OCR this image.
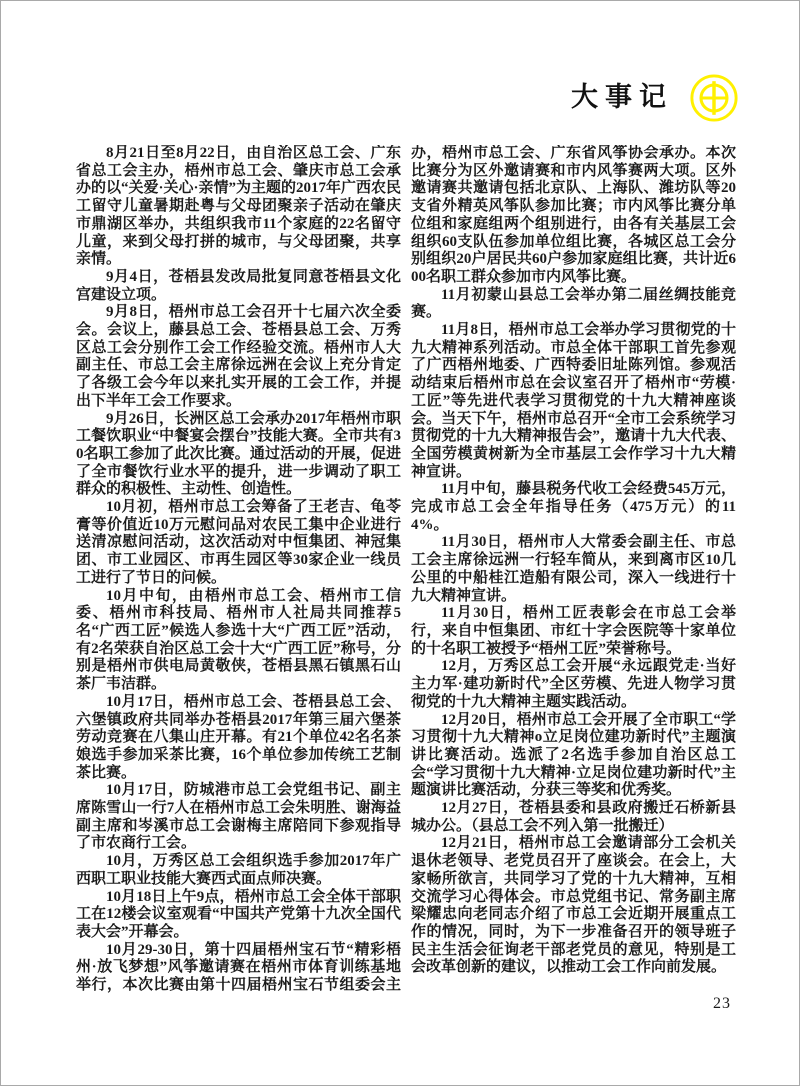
大事记

8月21日至8月22日，由自治区总工会、广东省总工会主办，梧州市总工会、肇庆市总工会承办的以“关爱·关心·亲情”为主题的2017年广西农民工留守儿童暑期赴粤与父母团聚亲子活动在肇庆市鼎湖区举办，共组织我市11个家庭的22名留守儿童，来到父母打拼的城市，与父母团聚，共享亲情。

9月4日，苍梧县发改局批复同意苍梧县文化宫建设立项。

9月8日，梧州市总工会召开十七届六次全委会。会议上，藤县总工会、苍梧县总工会、万秀区总工会分别作工会工作经验交流。梧州市人大副主任、市总工会主席徐远洲在会议上充分肯定了各级工会今年以来扎实开展的工会工作，并提出下半年工会工作要求。

9月26日，长洲区总工会承办2017年梧州市职工餐饮职业“中餐宴会摆台”技能大赛。全市共有30名职工参加了此次比赛。通过活动的开展，促进了全市餐饮行业水平的提升，进一步调动了职工群众的积极性、主动性、创造性。

10月初，梧州市总工会筹备了王老吉、龟苓膏等价值近10万元慰问品对农民工集中企业进行送清凉慰问活动，这次活动对中恒集团、神冠集团、市工业园区、市再生园区等30家企业一线员工进行了节日的问候。

10月中旬，由梧州市总工会、梧州市工信委、梧州市科技局、梧州市人社局共同推荐5名“广西工匠”候选人参选十大“广西工匠”活动，有2名荣获自治区总工会十大“广西工匠”称号，分别是梧州市供电局黄敬侠，苍梧县黑石镇黑石山茶厂韦洁群。

10月17日，梧州市总工会、苍梧县总工会、六堡镇政府共同举办苍梧县2017年第三届六堡茶劳动竞赛在八集山庄开幕。有21个单位42名名茶娘选手参加采茶比赛，16个单位参加传统工艺制茶比赛。

10月17日，防城港市总工会党组书记、副主席陈雪山一行7人在梧州市总工会朱明胜、谢海益副主席和岑溪市总工会谢梅主席陪同下参观指导了市农商行工会。

10月，万秀区总工会组织选手参加2017年广西职工职业技能大赛西式面点师决赛。

10月18日上午9点，梧州市总工会全体干部职工在12楼会议室观看“中国共产党第十九次全国代表大会”开幕会。

10月29-30日，第十四届梧州宝石节“精彩梧州·放飞梦想”风筝邀请赛在梧州市体育训练基地举行，本次比赛由第十四届梧州宝石节组委会主办，梧州市总工会、广东省风筝协会承办。本次比赛分为区外邀请赛和市内风筝赛两大项。区外邀请赛共邀请包括北京队、上海队、潍坊队等20支省外精英风筝队参加比赛；市内风筝比赛分单位组和家庭组两个组别进行，由各有关基层工会组织60支队伍参加单位组比赛，各城区总工会分别组织20户居民共60户参加家庭组比赛，共计近600名职工群众参加市内风筝比赛。

11月初蒙山县总工会举办第二届丝绸技能竞赛。

11月8日，梧州市总工会举办学习贯彻党的十九大精神系列活动。市总全体干部职工首先参观了广西梧州地委、广西特委旧址陈列馆。参观活动结束后梧州市总在会议室召开了梧州市“劳模·工匠”等先进代表学习贯彻党的十九大精神座谈会。当天下午，梧州市总召开“全市工会系统学习贯彻党的十九大精神报告会”，邀请十九大代表、全国劳模黄树新为全市基层工会作学习十九大精神宣讲。

11月中旬，藤县税务代收工会经费545万元，完成市总工会全年指导任务（475万元）的114%。

11月30日，梧州市人大常委会副主任、市总工会主席徐远洲一行轻车简从，来到离市区10几公里的中船桂江造船有限公司，深入一线进行十九大精神宣讲。

11月30日，梧州工匠表彰会在市总工会举行，来自中恒集团、市红十字会医院等十家单位的十名职工被授予“梧州工匠”荣誉称号。

12月，万秀区总工会开展“永远跟党走·当好主力军·建功新时代”全区劳模、先进人物学习贯彻党的十九大精神主题实践活动。

12月20日，梧州市总工会开展了全市职工“学习贯彻十九大精神o立足岗位建功新时代”主题演讲比赛活动。选派了2名选手参加自治区总工会“学习贯彻十九大精神·立足岗位建功新时代”主题演讲比赛活动，分获三等奖和优秀奖。

12月27日，苍梧县委和县政府搬迁石桥新县城办公。（县总工会不列入第一批搬迁）

12月21日，梧州市总工会邀请部分工会机关退休老领导、老党员召开了座谈会。在会上，大家畅所欲言，共同学习了党的十九大精神，互相交流学习心得体会。市总党组书记、常务副主席梁耀忠向老同志介绍了市总工会近期开展重点工作的情况，同时，为下一步准备召开的领导班子民主生活会征询老干部老党员的意见，特别是工会改革创新的建议，以推动工会工作向前发展。

23
